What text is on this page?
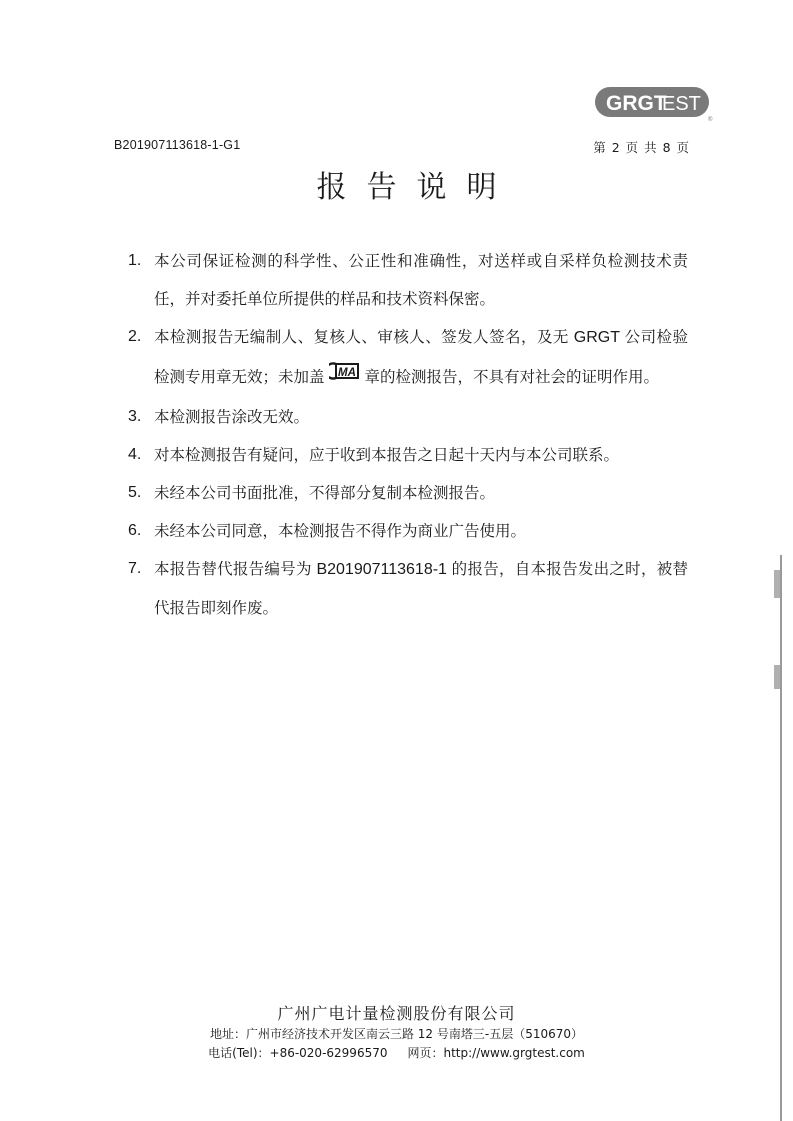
GRGT
EST
®
B201907113618-1-G1	第 2 页 共 8 页
报告说明
1. 本公司保证检测的科学性、公正性和准确性，对送样或自采样负检测技术责任，并对委托单位所提供的样品和技术资料保密。
2. 本检测报告无编制人、复核人、审核人、签发人签名，及无 GRGT 公司检验检测专用章无效；未加盖 MA 章的检测报告，不具有对社会的证明作用。
3. 本检测报告涂改无效。
4. 对本检测报告有疑问，应于收到本报告之日起十天内与本公司联系。
5. 未经本公司书面批准，不得部分复制本检测报告。
6. 未经本公司同意，本检测报告不得作为商业广告使用。
7. 本报告替代报告编号为 B201907113618-1 的报告，自本报告发出之时，被替代报告即刻作废。
广州广电计量检测股份有限公司
地址：广州市经济技术开发区南云三路 12 号南塔三-五层（510670）
电话(Tel)：+86-020-62996570 网页：http://www.grgtest.com
